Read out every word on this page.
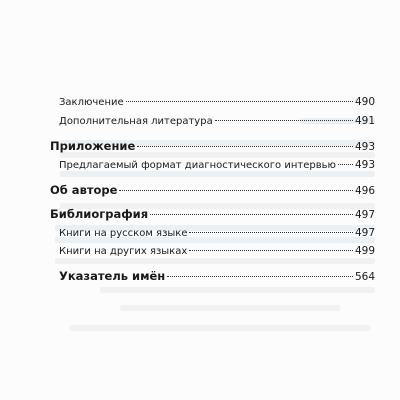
Заключение	490
Дополнительная литература	491
Приложение	493
Предлагаемый формат диагностического интервью 493
Об авторе	496
Библиография	497
Книги на русском языке	497
Книги на других языках	499
Указатель имён	564
